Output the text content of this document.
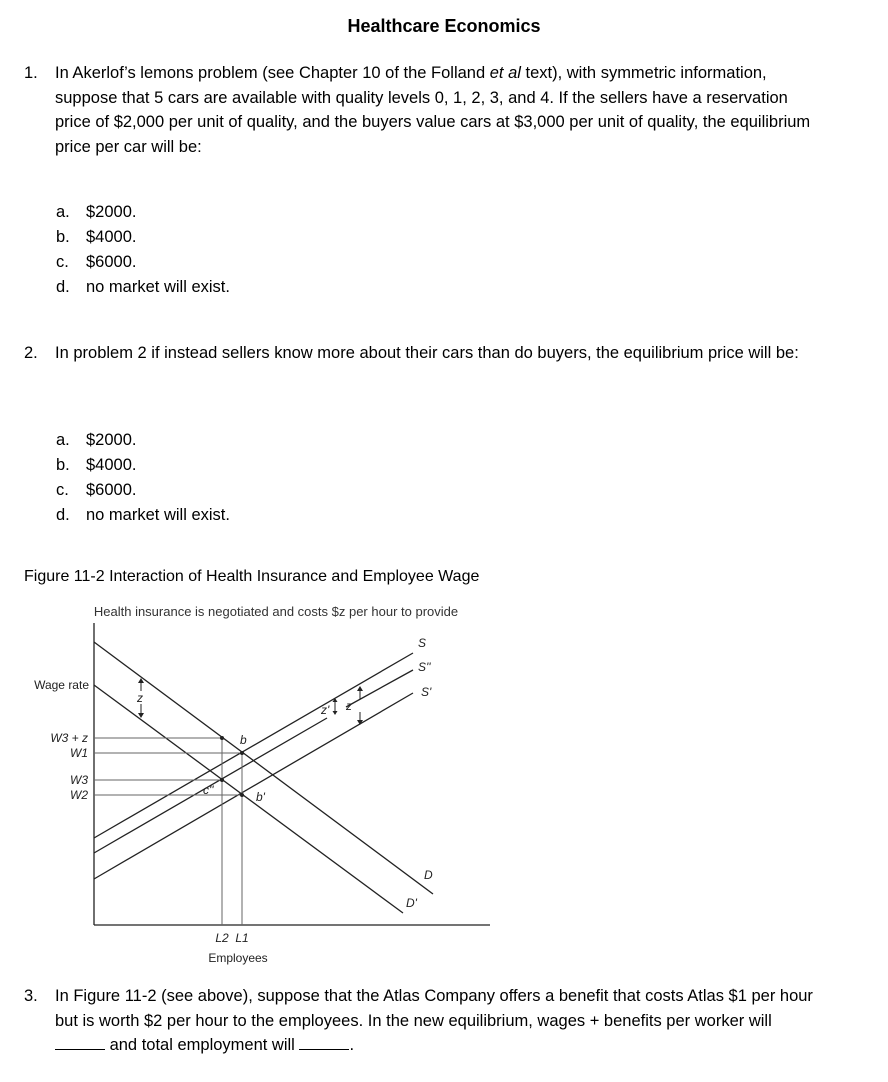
Healthcare Economics
1. In Akerlof’s lemons problem (see Chapter 10 of the Folland et al text), with symmetric information, suppose that 5 cars are available with quality levels 0, 1, 2, 3, and 4. If the sellers have a reservation price of $2,000 per unit of quality, and the buyers value cars at $3,000 per unit of quality, the equilibrium price per car will be:
a. $2000.
b. $4000.
c. $6000.
d. no market will exist.
2. In problem 2 if instead sellers know more about their cars than do buyers, the equilibrium price will be:
a. $2000.
b. $4000.
c. $6000.
d. no market will exist.
Figure 11-2 Interaction of Health Insurance and Employee Wage
Health insurance is negotiated and costs $z per hour to provide
Wage rate
W3 + z
W1
W3
W2
L2 L1
Employees
S
S''
S'
D
D'
b
b'
c''
z
z' z
3. In Figure 11-2 (see above), suppose that the Atlas Company offers a benefit that costs Atlas $1 per hour but is worth $2 per hour to the employees. In the new equilibrium, wages + benefits per worker will  and total employment will	.
